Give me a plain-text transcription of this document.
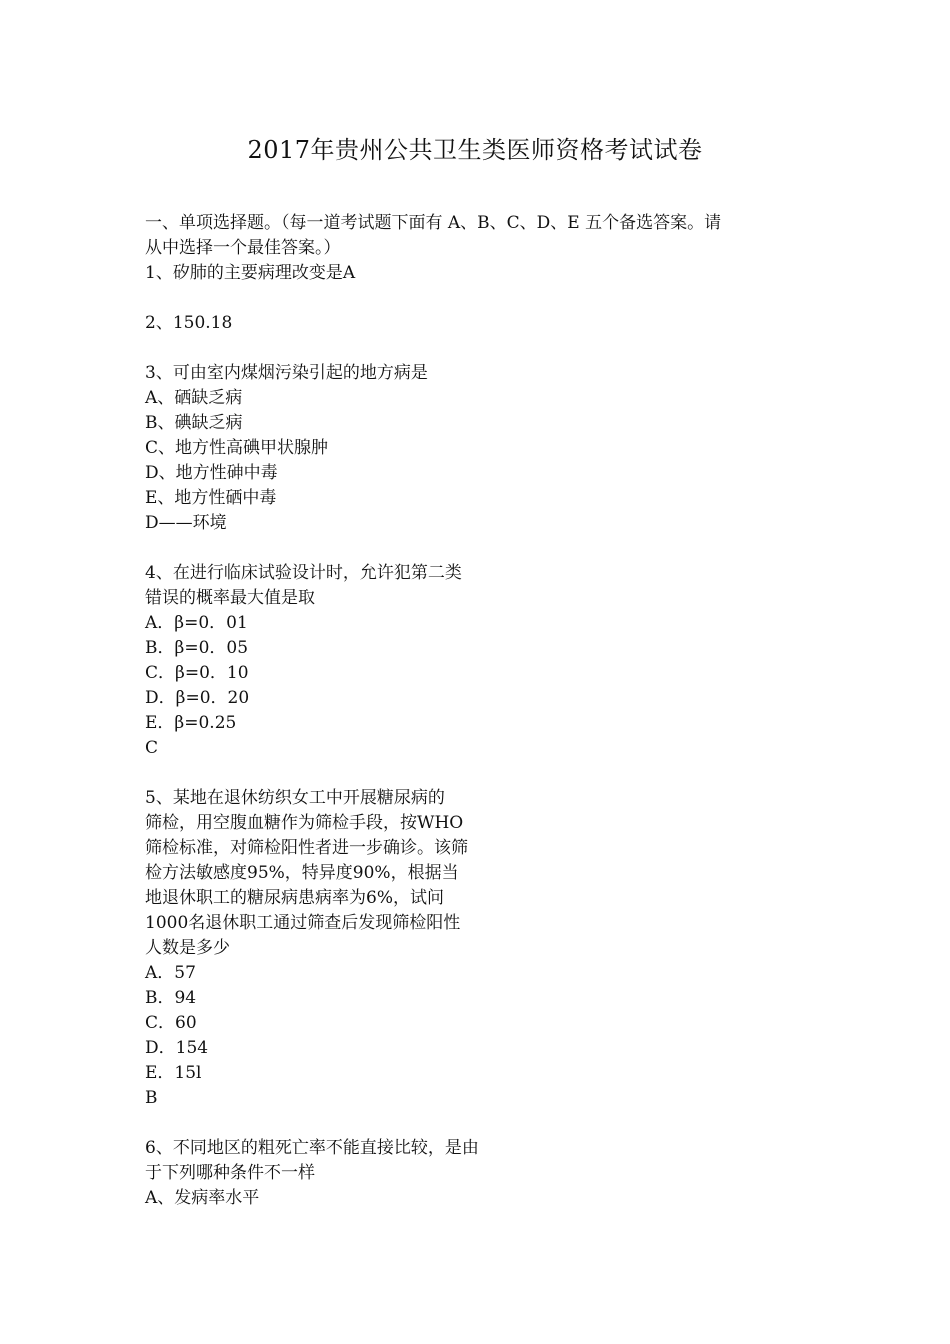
2017年贵州公共卫生类医师资格考试试卷
一、单项选择题。（每一道考试题下面有 A、B、C、D、E 五个备选答案。请
从中选择一个最佳答案。）
1、矽肺的主要病理改变是A
2、150.18
3、可由室内煤烟污染引起的地方病是
A、硒缺乏病
B、碘缺乏病
C、地方性高碘甲状腺肿
D、地方性砷中毒
E、地方性硒中毒
D——环境
4、在进行临床试验设计时，允许犯第二类
错误的概率最大值是取
A．β=0．01
B．β=0．05
C．β=0．10
D．β=0．20
E．β=0.25
C
5、某地在退休纺织女工中开展糖尿病的
筛检，用空腹血糖作为筛检手段，按WHO
筛检标准，对筛检阳性者进一步确诊。该筛
检方法敏感度95%，特异度90%，根据当
地退休职工的糖尿病患病率为6%，试问
1000名退休职工通过筛查后发现筛检阳性
人数是多少
A．57
B．94
C．60
D．154
E．15l
B
6、不同地区的粗死亡率不能直接比较，是由
于下列哪种条件不一样
A、发病率水平
